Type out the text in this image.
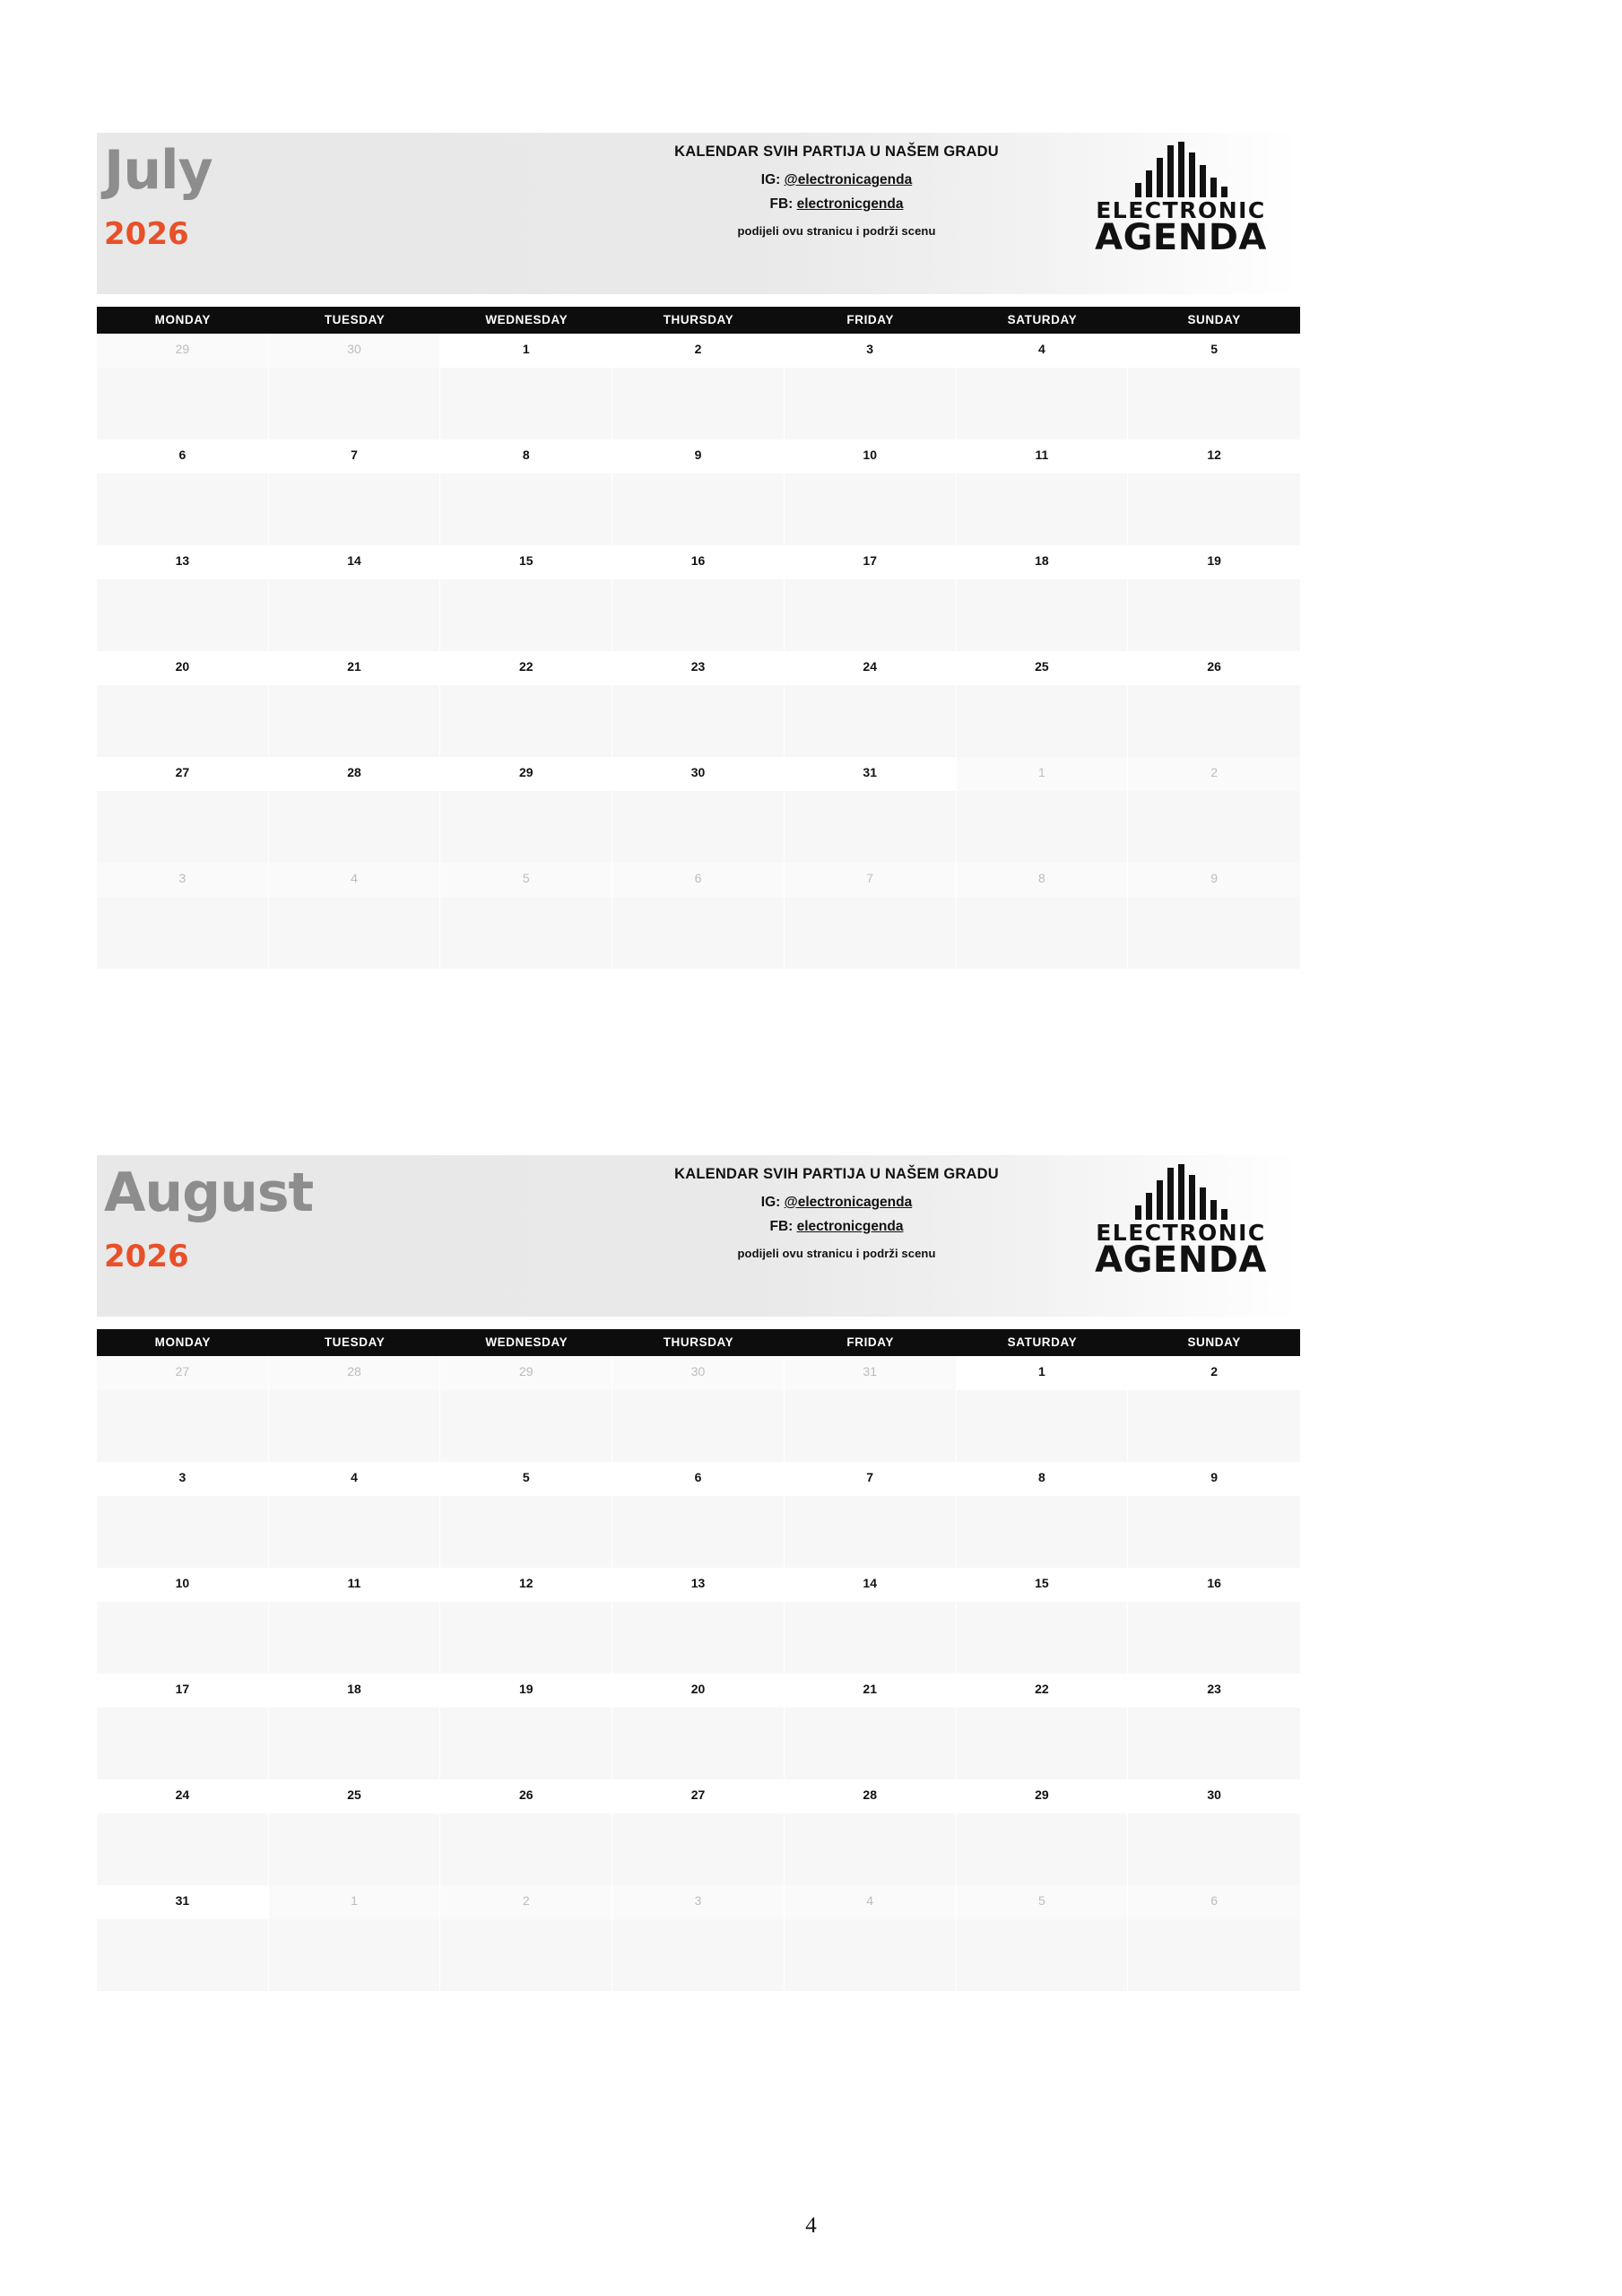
July
2026
KALENDAR SVIH PARTIJA U NAŠEM GRADU
IG: @electronicagenda
FB: electronicgenda
podijeli ovu stranicu i podrži scenu
ELECTRONIC
AGENDA
MONDAY	TUESDAY	WEDNESDAY	THURSDAY	FRIDAY	SATURDAY	SUNDAY
29	30	1	2	3	4	5
6	7	8	9	10	11	12
13	14	15	16	17	18	19
20	21	22	23	24	25	26
27	28	29	30	31	1	2
3	4	5	6	7	8	9
August
2026
KALENDAR SVIH PARTIJA U NAŠEM GRADU
IG: @electronicagenda
FB: electronicgenda
podijeli ovu stranicu i podrži scenu
ELECTRONIC
AGENDA
MONDAY	TUESDAY	WEDNESDAY	THURSDAY	FRIDAY	SATURDAY	SUNDAY
27	28	29	30	31	1	2
3	4	5	6	7	8	9
10	11	12	13	14	15	16
17	18	19	20	21	22	23
24	25	26	27	28	29	30
31	1	2	3	4	5	6
4
